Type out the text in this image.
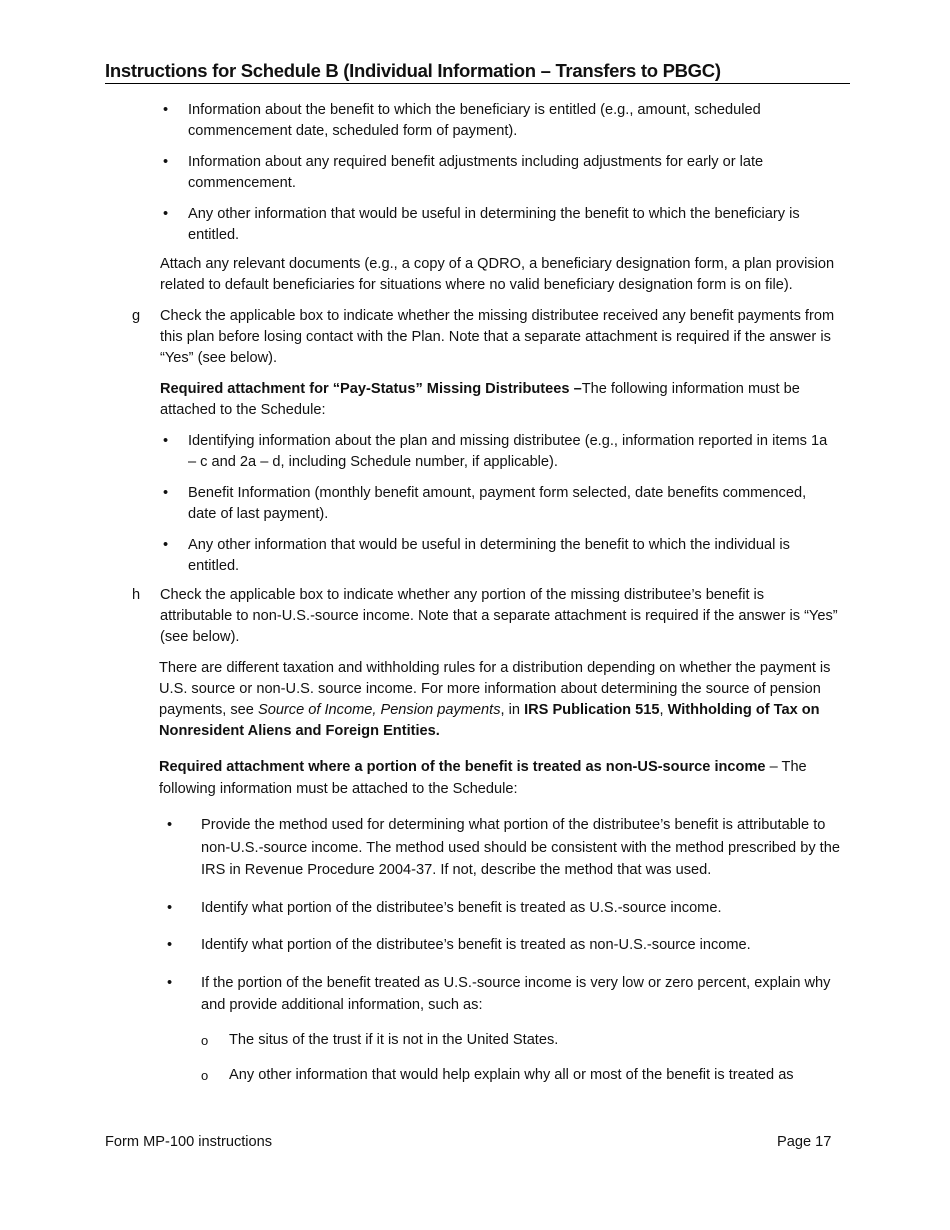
Instructions for Schedule B (Individual Information – Transfers to PBGC)
• Information about the benefit to which the beneficiary is entitled (e.g., amount, scheduled commencement date, scheduled form of payment).
• Information about any required benefit adjustments including adjustments for early or late commencement.
• Any other information that would be useful in determining the benefit to which the beneficiary is entitled.

Attach any relevant documents (e.g., a copy of a QDRO, a beneficiary designation form, a plan provision related to default beneficiaries for situations where no valid beneficiary designation form is on file).

g Check the applicable box to indicate whether the missing distributee received any benefit payments from this plan before losing contact with the Plan. Note that a separate attachment is required if the answer is “Yes” (see below).

Required attachment for “Pay-Status” Missing Distributees –The following information must be attached to the Schedule:

• Identifying information about the plan and missing distributee (e.g., information reported in items 1a – c and 2a – d, including Schedule number, if applicable).
• Benefit Information (monthly benefit amount, payment form selected, date benefits commenced, date of last payment).
• Any other information that would be useful in determining the benefit to which the individual is entitled.
h Check the applicable box to indicate whether any portion of the missing distributee’s benefit is attributable to non-U.S.-source income. Note that a separate attachment is required if the answer is “Yes” (see below).

There are different taxation and withholding rules for a distribution depending on whether the payment is U.S. source or non-U.S. source income. For more information about determining the source of pension payments, see Source of Income, Pension payments, in IRS Publication 515, Withholding of Tax on Nonresident Aliens and Foreign Entities.

Required attachment where a portion of the benefit is treated as non-US-source income – The following information must be attached to the Schedule:

• Provide the method used for determining what portion of the distributee’s benefit is attributable to non-U.S.-source income. The method used should be consistent with the method prescribed by the IRS in Revenue Procedure 2004-37. If not, describe the method that was used.
• Identify what portion of the distributee’s benefit is treated as U.S.-source income.
• Identify what portion of the distributee’s benefit is treated as non-U.S.-source income.
• If the portion of the benefit treated as U.S.-source income is very low or zero percent, explain why and provide additional information, such as:
o The situs of the trust if it is not in the United States.
o Any other information that would help explain why all or most of the benefit is treated as
Form MP-100 instructions	Page 17
